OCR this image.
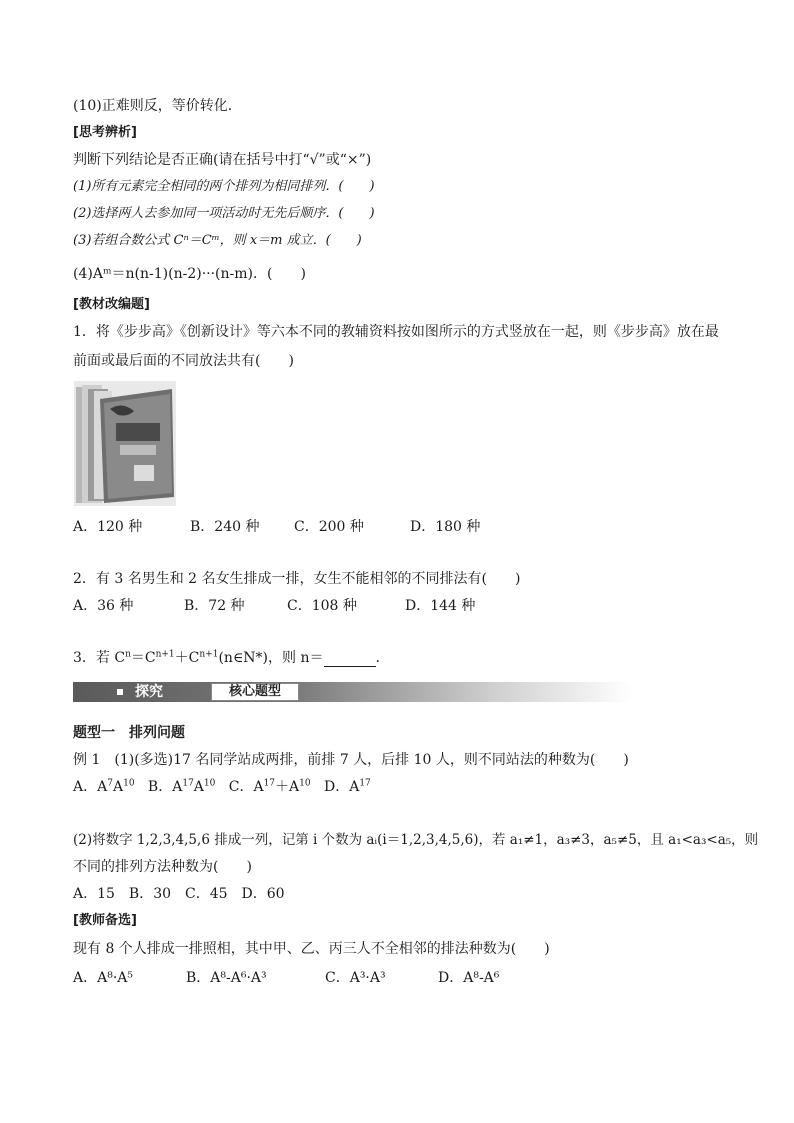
(10)正难则反，等价转化．
[思考辨析]
判断下列结论是否正确(请在括号中打“√”或“×”)
(1)所有元素完全相同的两个排列为相同排列．(　　)
(2)选择两人去参加同一项活动时无先后顺序．(　　)
(3)若组合数公式 Cⁿ＝Cᵐ，则 x＝m 成立．(　　)
(4)Aᵐ＝n(n-1)(n-2)···(n-m)．(　　)
[教材改编题]
1．将《步步高》《创新设计》等六本不同的教辅资料按如图所示的方式竖放在一起，则《步步高》放在最
前面或最后面的不同放法共有(　　)
A．120 种	B．240 种 C．200 种	D．180 种
2．有 3 名男生和 2 名女生排成一排，女生不能相邻的不同排法有(　　)
A．36 种	B．72 种	C．108 种	D．144 种
3．若 $C^n=C^{n+1}+C^{n+1}(n\in N*)$，则 n＝	.
探究	核心题型
题型一　排列问题
例 1　(1)(多选)17 名同学站成两排，前排 7 人，后排 10 人，则不同站法的种数为(　　)
A．$A^7A^{10}$ B．$A^{17}A^{10}$ C．$A^{17}+A^{10}$ D．$A^{17}$
(2)将数字 1,2,3,4,5,6 排成一列，记第 i 个数为 aᵢ(i＝1,2,3,4,5,6)，若 a₁≠1，a₃≠3，a₅≠5，且 a₁<a₃<a₅，则
不同的排列方法种数为(　　)
A．15　B．30　C．45　D．60
[教师备选]
现有 8 个人排成一排照相，其中甲、乙、丙三人不全相邻的排法种数为(　　)
A．A⁸·A⁵	B．A⁸-A⁶·A³	C．A³·A³	D．A⁸-A⁶
